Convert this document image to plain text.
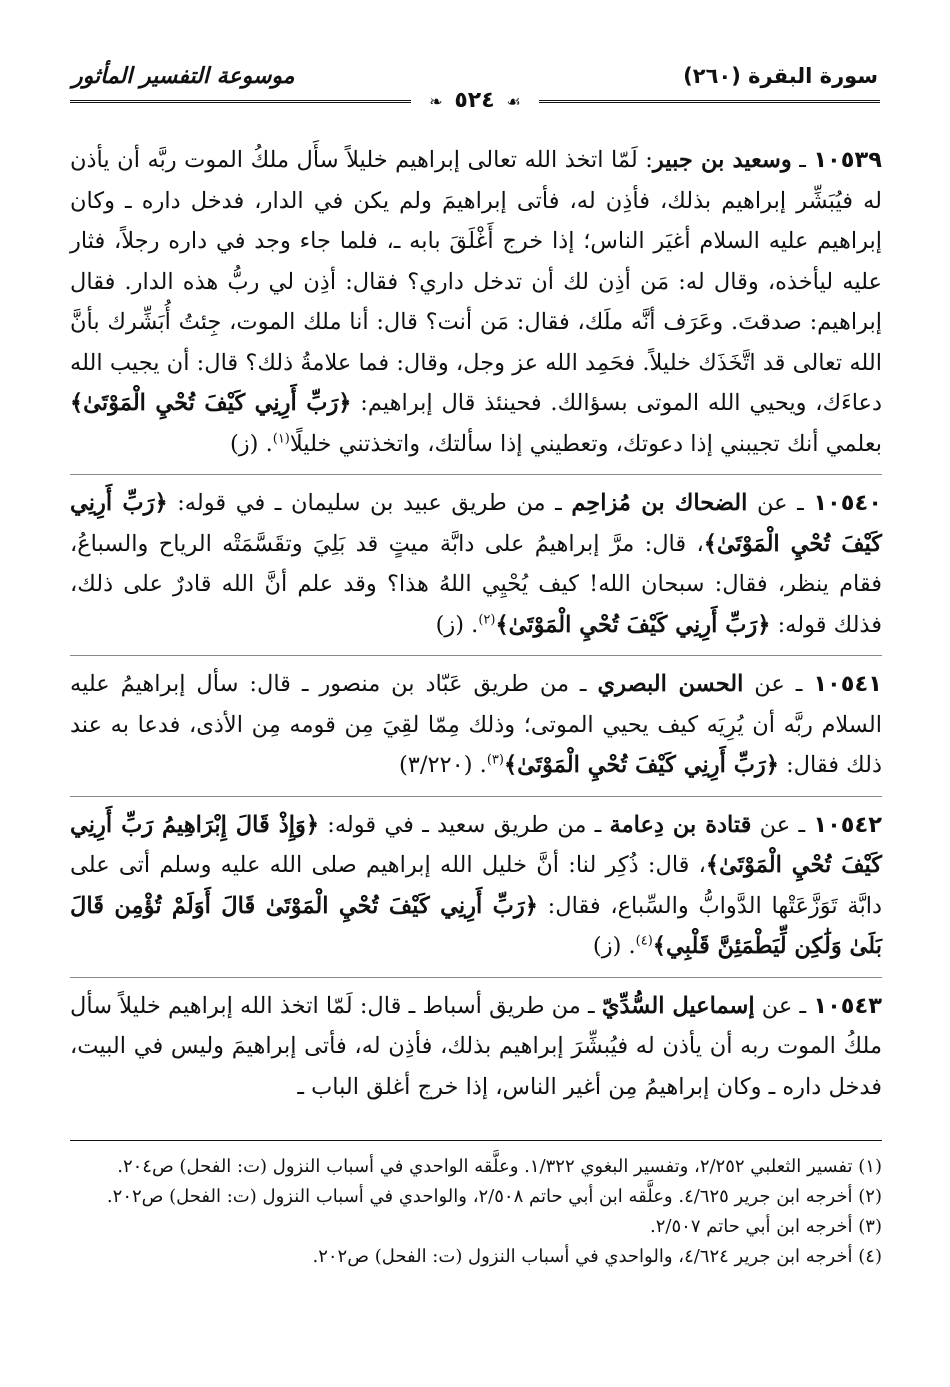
سورة البقرة (٢٦٠)
موسوعة التفسير المأثور
❧ ٥٢٤ ☙

١٠٥٣٩ ـ وسعيد بن جبير: لَمّا اتخذ الله تعالى إبراهيم خليلاً سأَل ملكُ الموت ربَّه أن يأذن له فيُبَشِّر إبراهيم بذلك، فأذِن له، فأتى إبراهيمَ ولم يكن في الدار، فدخل داره ـ وكان إبراهيم عليه السلام أغيَر الناس؛ إذا خرج أَغْلَقَ بابه ـ، فلما جاء وجد في داره رجلاً، فثار عليه ليأخذه، وقال له: مَن أذِن لك أن تدخل داري؟ فقال: أذِن لي ربُّ هذه الدار. فقال إبراهيم: صدقتَ. وعَرَف أنَّه ملَك، فقال: مَن أنت؟ قال: أنا ملك الموت، جِئتُ أُبَشِّرك بأنَّ الله تعالى قد اتَّخَذَك خليلاً. فحَمِد الله عز وجل، وقال: فما علامةُ ذلك؟ قال: أن يجيب الله دعاءَك، ويحيي الله الموتى بسؤالك. فحينئذ قال إبراهيم: ﴿رَبِّ أَرِنِي كَيْفَ تُحْيِ الْمَوْتَىٰ﴾ بعلمي أنك تجيبني إذا دعوتك، وتعطيني إذا سألتك، واتخذتني خليلًا$^{(١)}$. (ز)

١٠٥٤٠ ـ عن الضحاك بن مُزاحِم ـ من طريق عبيد بن سليمان ـ في قوله: ﴿رَبِّ أَرِنِي كَيْفَ تُحْيِ الْمَوْتَىٰ﴾، قال: مرَّ إبراهيمُ على دابَّة ميتٍ قد بَلِيَ وتقَسَّمَتْه الرياح والسباعُ، فقام ينظر، فقال: سبحان الله! كيف يُحْيِي اللهُ هذا؟ وقد علم أنَّ الله قادرٌ على ذلك، فذلك قوله: ﴿رَبِّ أَرِنِي كَيْفَ تُحْيِ الْمَوْتَىٰ﴾$^{(٢)}$. (ز)

١٠٥٤١ ـ عن الحسن البصري ـ من طريق عَبّاد بن منصور ـ قال: سأل إبراهيمُ عليه السلام ربَّه أن يُرِيَه كيف يحيي الموتى؛ وذلك مِمّا لقِيَ مِن قومه مِن الأذى، فدعا به عند ذلك فقال: ﴿رَبِّ أَرِنِي كَيْفَ تُحْيِ الْمَوْتَىٰ﴾$^{(٣)}$. (٣/٢٢٠)

١٠٥٤٢ ـ عن قتادة بن دِعامة ـ من طريق سعيد ـ في قوله: ﴿وَإِذْ قَالَ إِبْرَاهِيمُ رَبِّ أَرِنِي كَيْفَ تُحْيِ الْمَوْتَىٰ﴾، قال: ذُكِر لنا: أنَّ خليل الله إبراهيم صلى الله عليه وسلم أتى على دابَّة تَوَزَّعَتْها الدَّوابُّ والسِّباع، فقال: ﴿رَبِّ أَرِنِي كَيْفَ تُحْيِ الْمَوْتَىٰ قَالَ أَوَلَمْ تُؤْمِن قَالَ بَلَىٰ وَلَٰكِن لِّيَطْمَئِنَّ قَلْبِي﴾$^{(٤)}$. (ز)

١٠٥٤٣ ـ عن إسماعيل السُّدِّيّ ـ من طريق أسباط ـ قال: لَمّا اتخذ الله إبراهيم خليلاً سأل ملكُ الموت ربه أن يأذن له فيُبشِّرَ إبراهيم بذلك، فأذِن له، فأتى إبراهيمَ وليس في البيت، فدخل داره ـ وكان إبراهيمُ مِن أغير الناس، إذا خرج أغلق الباب ـ

(١) تفسير الثعلبي ٢/٢٥٢، وتفسير البغوي ١/٣٢٢. وعلَّقه الواحدي في أسباب النزول (ت: الفحل) ص٢٠٤.

(٢) أخرجه ابن جرير ٤/٦٢٥. وعلَّقه ابن أبي حاتم ٢/٥٠٨، والواحدي في أسباب النزول (ت: الفحل) ص٢٠٢.

(٣) أخرجه ابن أبي حاتم ٢/٥٠٧.

(٤) أخرجه ابن جرير ٤/٦٢٤، والواحدي في أسباب النزول (ت: الفحل) ص٢٠٢.
